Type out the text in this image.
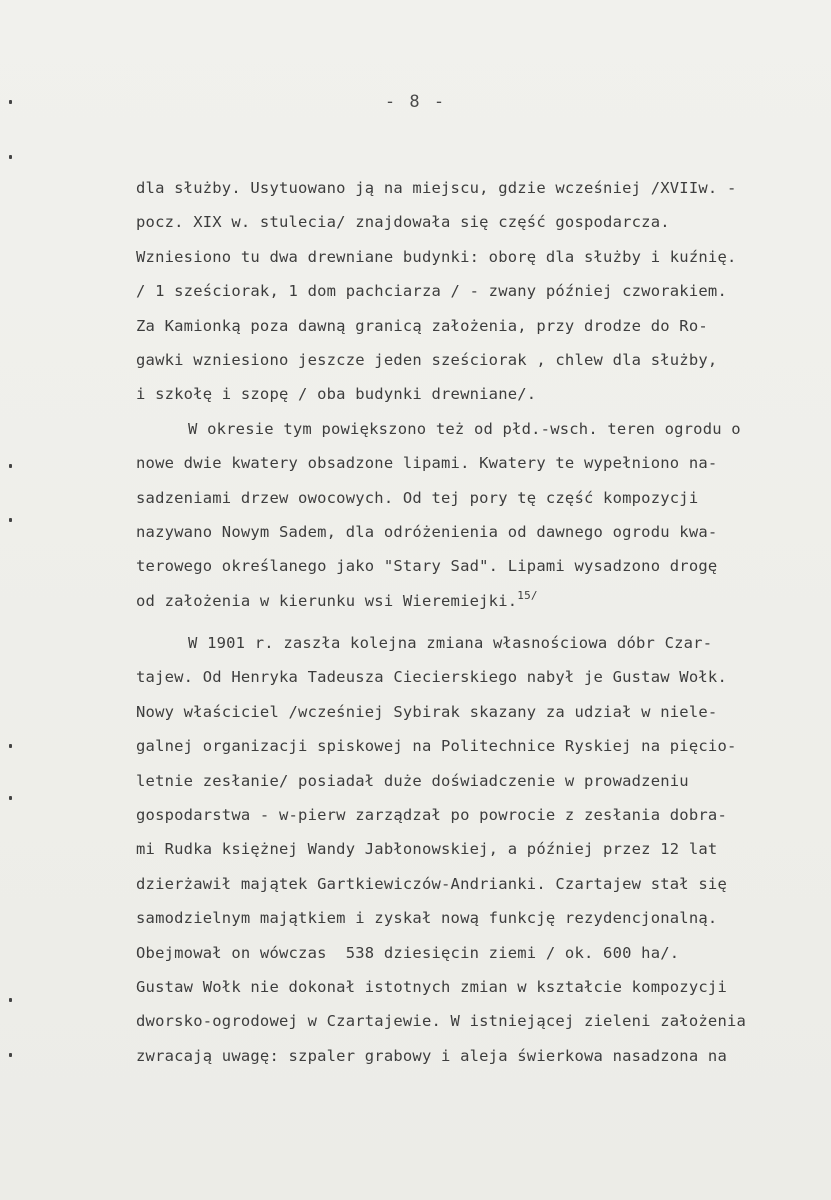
- 8 -
dla służby. Usytuowano ją na miejscu, gdzie wcześniej /XVIIw. -
pocz. XIX w. stulecia/ znajdowała się część gospodarcza.
Wzniesiono tu dwa drewniane budynki: oborę dla służby i kuźnię.
/ 1 sześciorak, 1 dom pachciarza / - zwany później czworakiem.
Za Kamionką poza dawną granicą założenia, przy drodze do Ro-
gawki wzniesiono jeszcze jeden sześciorak , chlew dla służby,
i szkołę i szopę / oba budynki drewniane/.
W okresie tym powiększono też od płd.-wsch. teren ogrodu o
nowe dwie kwatery obsadzone lipami. Kwatery te wypełniono na-
sadzeniami drzew owocowych. Od tej pory tę część kompozycji
nazywano Nowym Sadem, dla odróżenienia od dawnego ogrodu kwa-
terowego określanego jako "Stary Sad". Lipami wysadzono drogę
od założenia w kierunku wsi Wieremiejki.$^{15/}$
W 1901 r. zaszła kolejna zmiana własnościowa dóbr Czar-
tajew. Od Henryka Tadeusza Ciecierskiego nabył je Gustaw Wołk.
Nowy właściciel /wcześniej Sybirak skazany za udział w niele-
galnej organizacji spiskowej na Politechnice Ryskiej na pięcio-
letnie zesłanie/ posiadał duże doświadczenie w prowadzeniu
gospodarstwa - w-pierw zarządzał po powrocie z zesłania dobra-
mi Rudka księżnej Wandy Jabłonowskiej, a później przez 12 lat
dzierżawił majątek Gartkiewiczów-Andrianki. Czartajew stał się
samodzielnym majątkiem i zyskał nową funkcję rezydencjonalną.
Obejmował on wówczas  538 dziesięcin ziemi / ok. 600 ha/.
Gustaw Wołk nie dokonał istotnych zmian w kształcie kompozycji
dworsko-ogrodowej w Czartajewie. W istniejącej zieleni założenia
zwracają uwagę: szpaler grabowy i aleja świerkowa nasadzona na
